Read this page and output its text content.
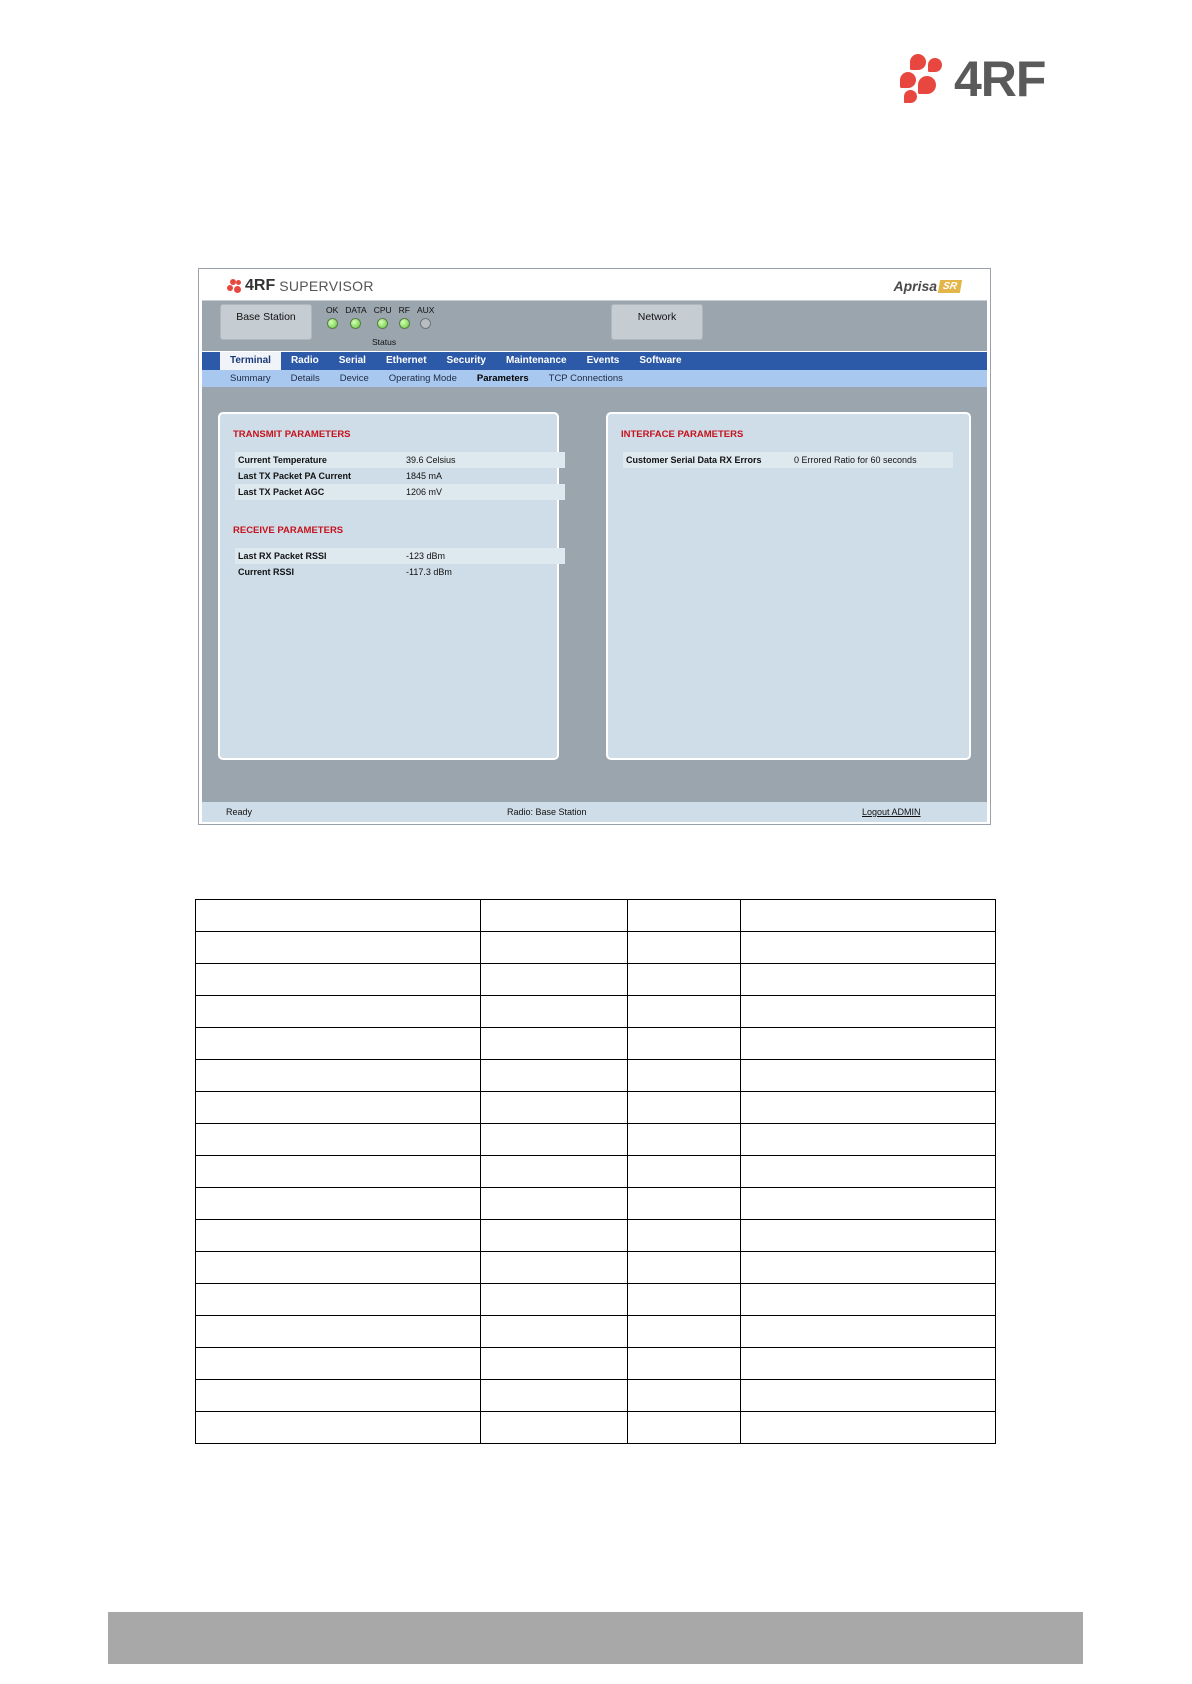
4RF
4RF SUPERVISOR	Aprisa SR
Base Station
OK DATA CPU RF AUX
Status
Network
Terminal	Radio	Serial	Ethernet	Security	Maintenance	Events	Software
Summary	Details	Device	Operating Mode	Parameters	TCP Connections
TRANSMIT PARAMETERS
Current Temperature	39.6 Celsius
Last TX Packet PA Current	1845 mA
Last TX Packet AGC	1206 mV
RECEIVE PARAMETERS
Last RX Packet RSSI	-123 dBm
Current RSSI	-117.3 dBm
INTERFACE PARAMETERS
Customer Serial Data RX Errors	0 Errored Ratio for 60 seconds
Ready	Radio: Base Station	Logout ADMIN
